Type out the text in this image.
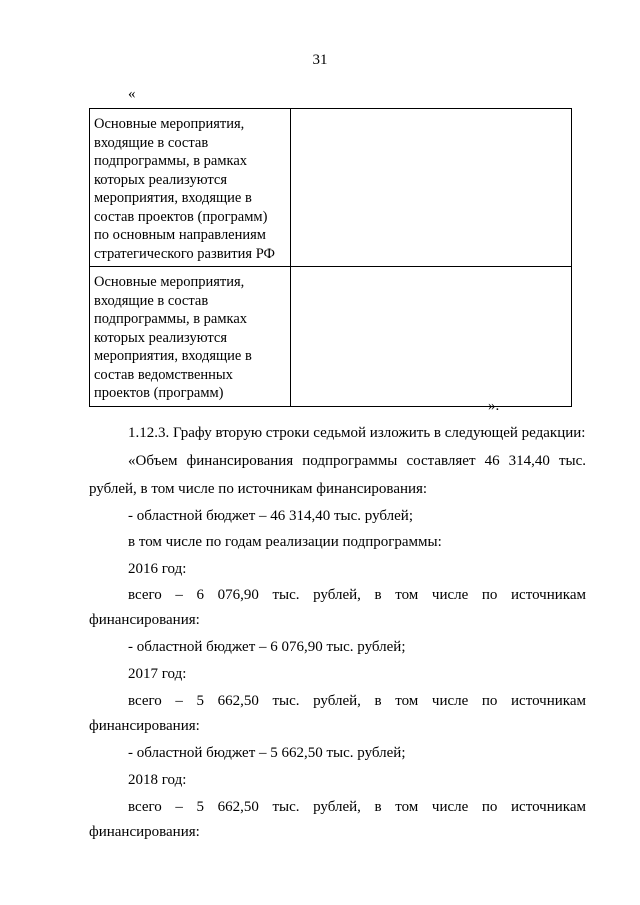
31
«
Основные мероприятия, входящие в состав подпрограммы, в рамках которых реализуются мероприятия, входящие в состав проектов (программ) по основным направлениям стратегического развития РФ	
Основные мероприятия, входящие в состав подпрограммы, в рамках которых реализуются мероприятия, входящие в состав ведомственных проектов (программ)	
».

1.12.3. Графу вторую строки седьмой изложить в следующей редакции:

«Объем финансирования подпрограммы составляет 46 314,40 тыс.

рублей, в том числе по источникам финансирования:

- областной бюджет – 46 314,40 тыс. рублей;

в том числе по годам реализации подпрограммы:

2016 год:

всего – 6 076,90 тыс. рублей, в том числе по источникам

финансирования:

- областной бюджет – 6 076,90 тыс. рублей;

2017 год:

всего – 5 662,50 тыс. рублей, в том числе по источникам

финансирования:

- областной бюджет – 5 662,50 тыс. рублей;

2018 год:

всего – 5 662,50 тыс. рублей, в том числе по источникам

финансирования:
